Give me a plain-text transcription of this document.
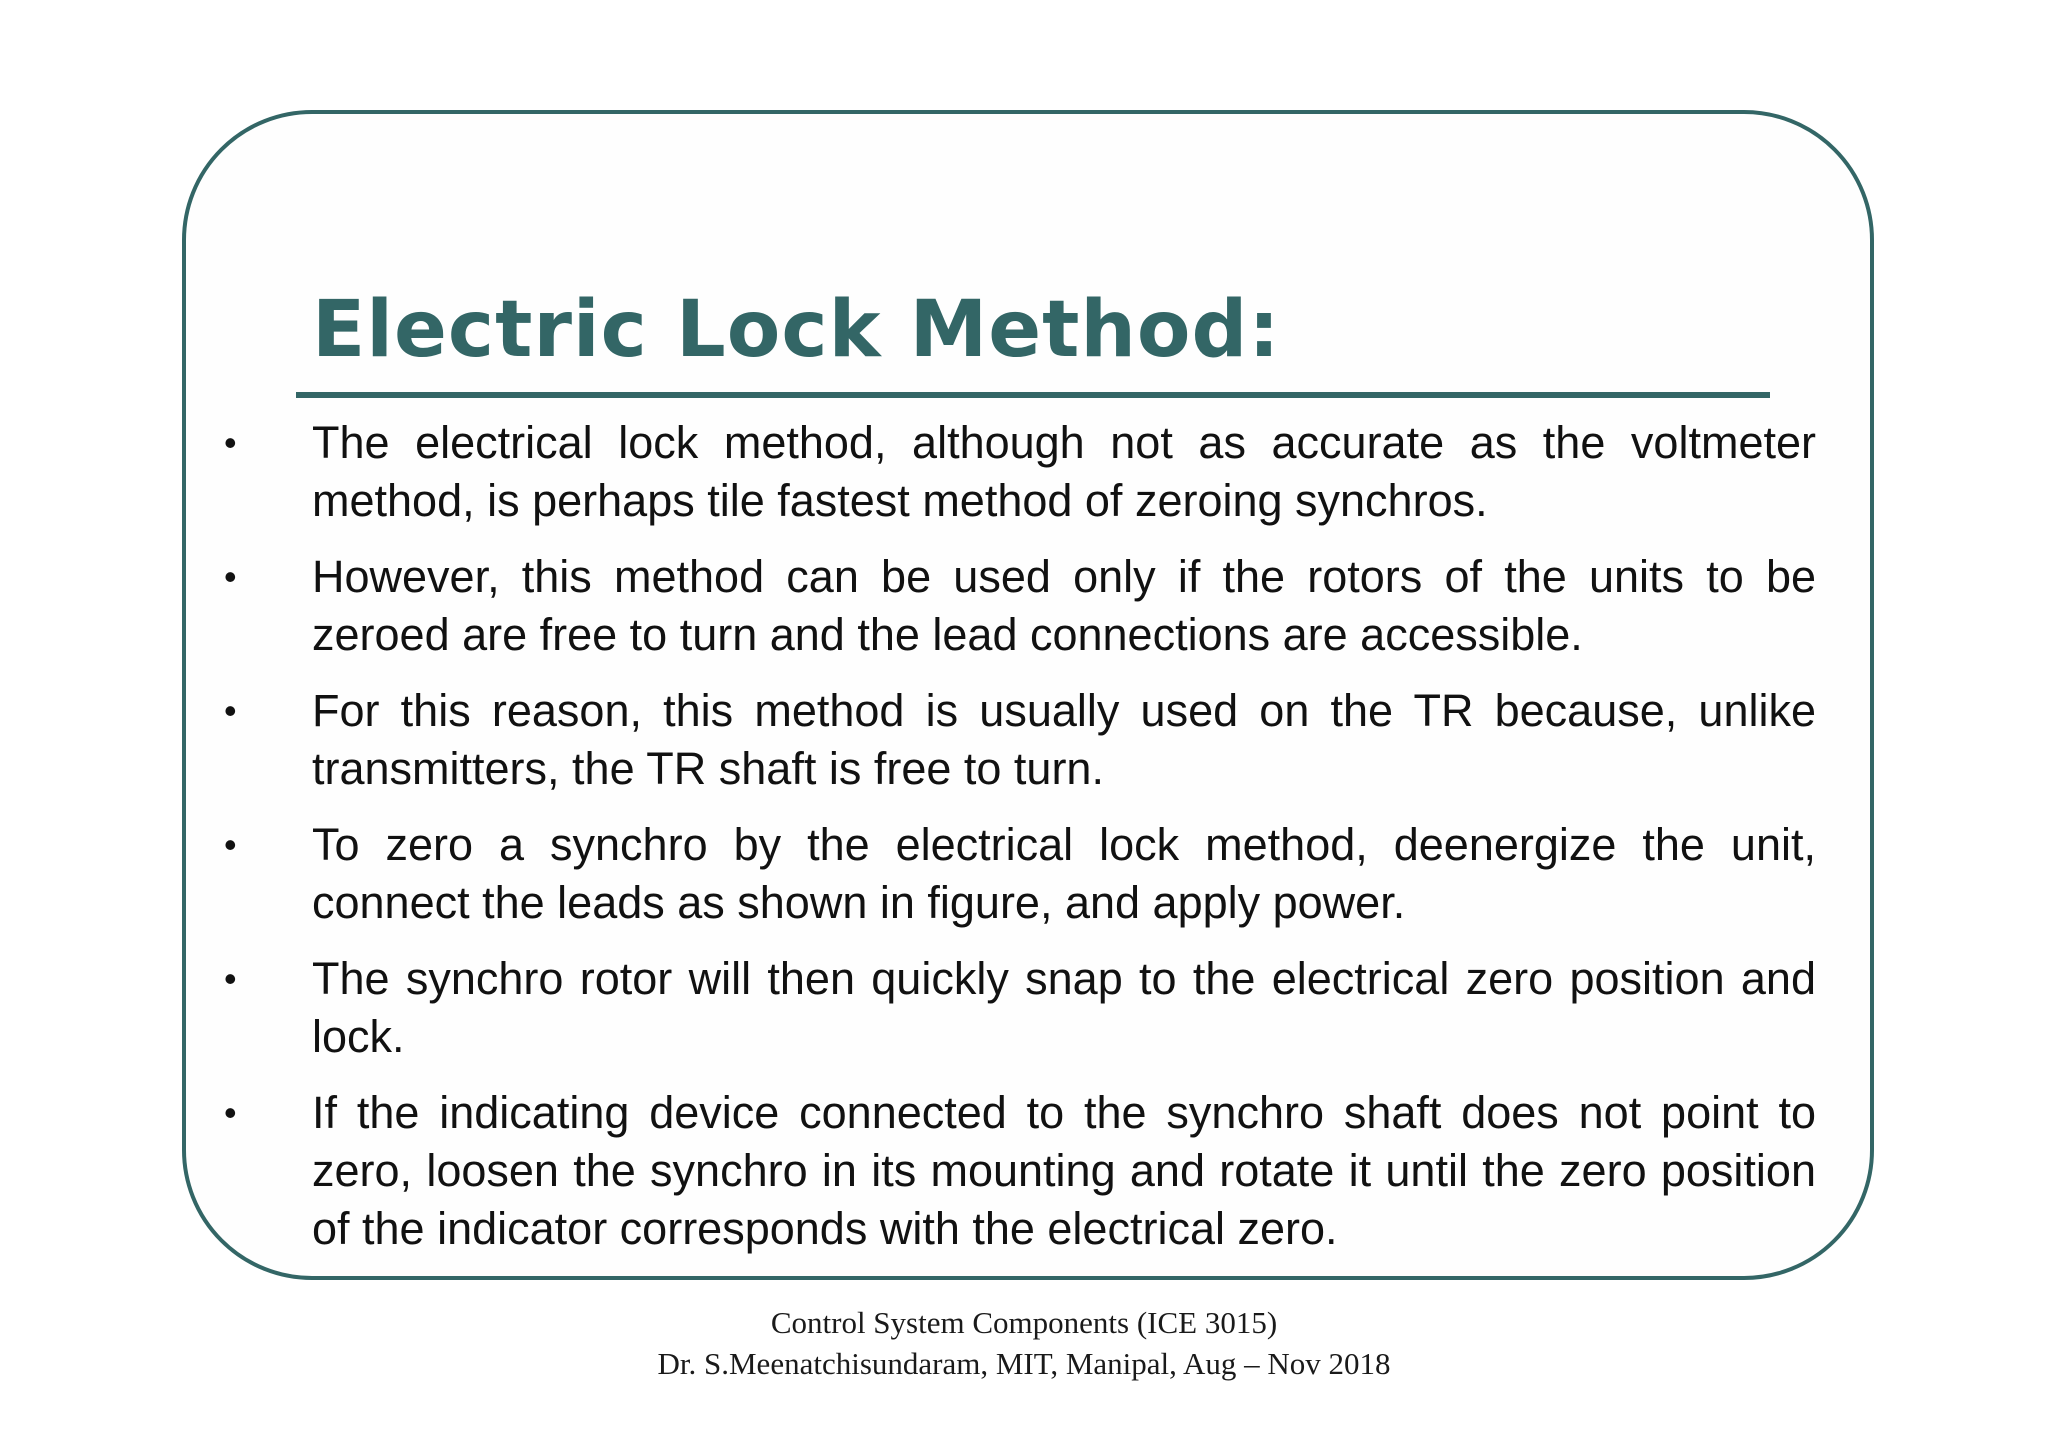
Electric Lock Method:
• The electrical lock method, although not as accurate as the voltmeter method, is perhaps tile fastest method of zeroing synchros.
• However, this method can be used only if the rotors of the units to be zeroed are free to turn and the lead connections are accessible.
• For this reason, this method is usually used on the TR because, unlike transmitters, the TR shaft is free to turn.
• To zero a synchro by the electrical lock method, deenergize the unit, connect the leads as shown in figure, and apply power.
• The synchro rotor will then quickly snap to the electrical zero position and lock.
• If the indicating device connected to the synchro shaft does not point to zero, loosen the synchro in its mounting and rotate it until the zero position of the indicator corresponds with the electrical zero.
Control System Components (ICE 3015)
Dr. S.Meenatchisundaram, MIT, Manipal, Aug – Nov 2018
